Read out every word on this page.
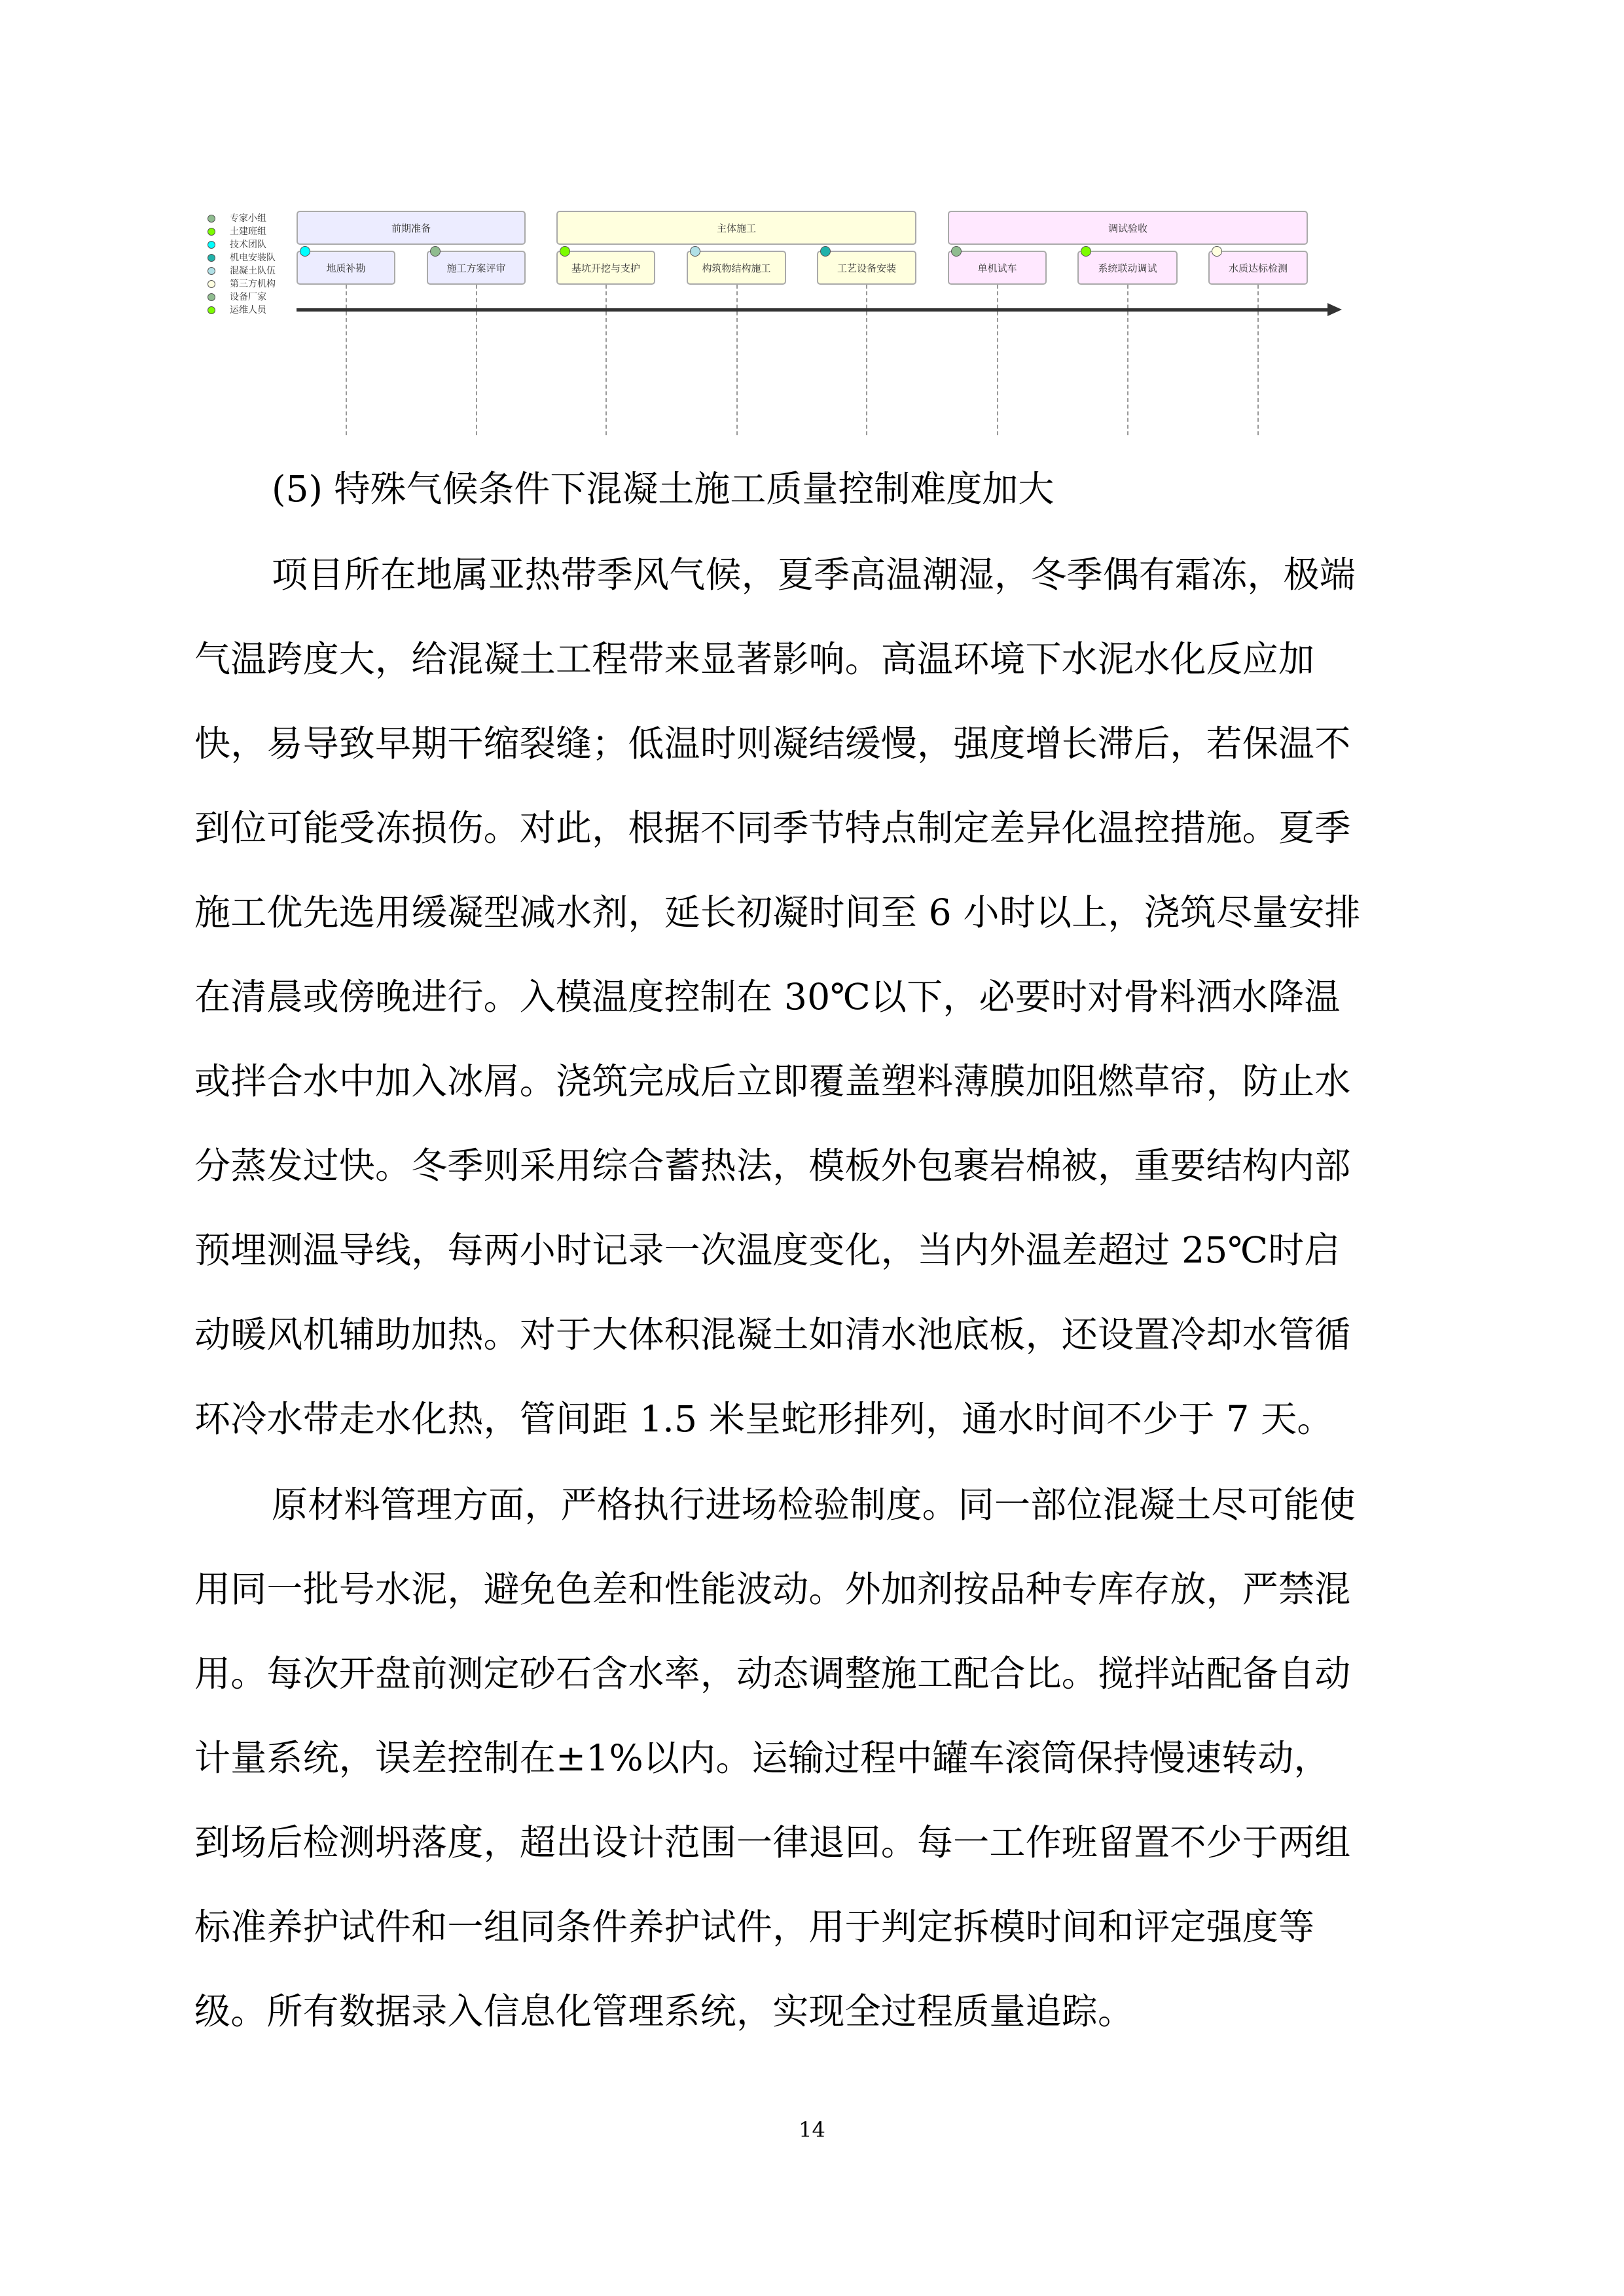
专家小组
土建班组
技术团队
机电安装队
混凝土队伍
第三方机构
设备厂家
运维人员
前期准备
地质补勘	施工方案评审
主体施工
基坑开挖与支护	构筑物结构施工	工艺设备安装
调试验收
单机试车	系统联动调试	水质达标检测
(5) 特殊气候条件下混凝土施工质量控制难度加大
项目所在地属亚热带季风气候，夏季高温潮湿，冬季偶有霜冻，极端
气温跨度大，给混凝土工程带来显著影响。高温环境下水泥水化反应加
快，易导致早期干缩裂缝；低温时则凝结缓慢，强度增长滞后，若保温不
到位可能受冻损伤。对此，根据不同季节特点制定差异化温控措施。夏季
施工优先选用缓凝型减水剂，延长初凝时间至 6 小时以上，浇筑尽量安排
在清晨或傍晚进行。入模温度控制在 30℃以下，必要时对骨料洒水降温
或拌合水中加入冰屑。浇筑完成后立即覆盖塑料薄膜加阻燃草帘，防止水
分蒸发过快。冬季则采用综合蓄热法，模板外包裹岩棉被，重要结构内部
预埋测温导线，每两小时记录一次温度变化，当内外温差超过 25℃时启
动暖风机辅助加热。对于大体积混凝土如清水池底板，还设置冷却水管循
环冷水带走水化热，管间距 1.5 米呈蛇形排列，通水时间不少于 7 天。
原材料管理方面，严格执行进场检验制度。同一部位混凝土尽可能使
用同一批号水泥，避免色差和性能波动。外加剂按品种专库存放，严禁混
用。每次开盘前测定砂石含水率，动态调整施工配合比。搅拌站配备自动
计量系统，误差控制在±1%以内。运输过程中罐车滚筒保持慢速转动，
到场后检测坍落度，超出设计范围一律退回。每一工作班留置不少于两组
标准养护试件和一组同条件养护试件，用于判定拆模时间和评定强度等
级。所有数据录入信息化管理系统，实现全过程质量追踪。
14
